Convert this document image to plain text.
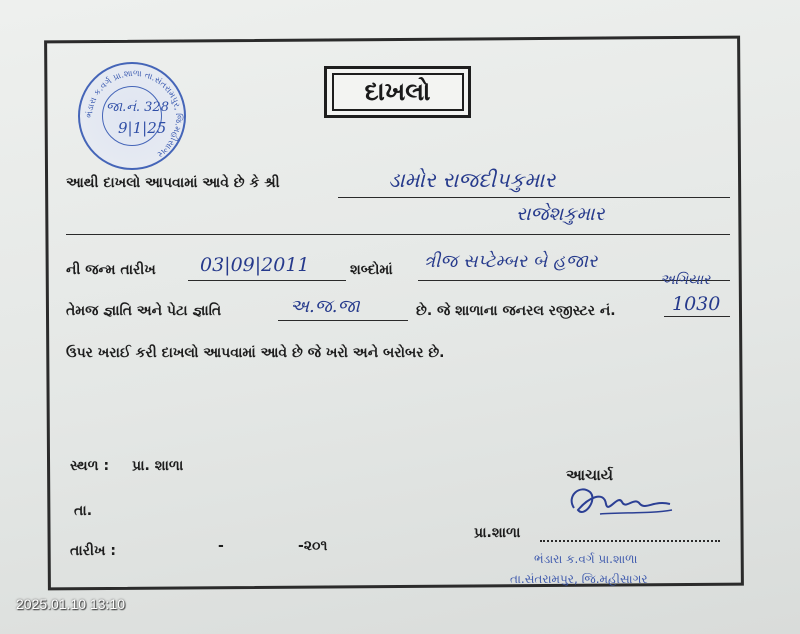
દાખલો
ભંડારા ક.વર્ગ પ્રા.શાળા તા.સંતરામપુર, જિ.મહીસાગર
જા.નં. 328
9|1|25
આથી દાખલો આપવામાં આવે છે કે શ્રી	ડામોર રાજદીપકુમાર
રાજેશકુમાર
ની જન્મ તારીખ 03|09|2011	શબ્દોમાં ત્રીજ સપ્ટેમ્બર બે હજાર
અગિયાર
તેમજ જ્ઞાતિ અને પેટા જ્ઞાતિ	અ.જ.જા	છે. જે શાળાના જનરલ રજીસ્ટર નં.	1030
ઉપર ખરાઈ કરી દાખલો આપવામાં આવે છે જે ખરો અને બરોબર છે.
સ્થળ : પ્રા. શાળા
તા.
તારીખ :	-	-૨૦૧
આચાર્ય
પ્રા.શાળા
ભંડારા ક.વર્ગ પ્રા.શાળા
તા.સંતરામપુર, જિ.મહીસાગર
2025.01.10 13:10
